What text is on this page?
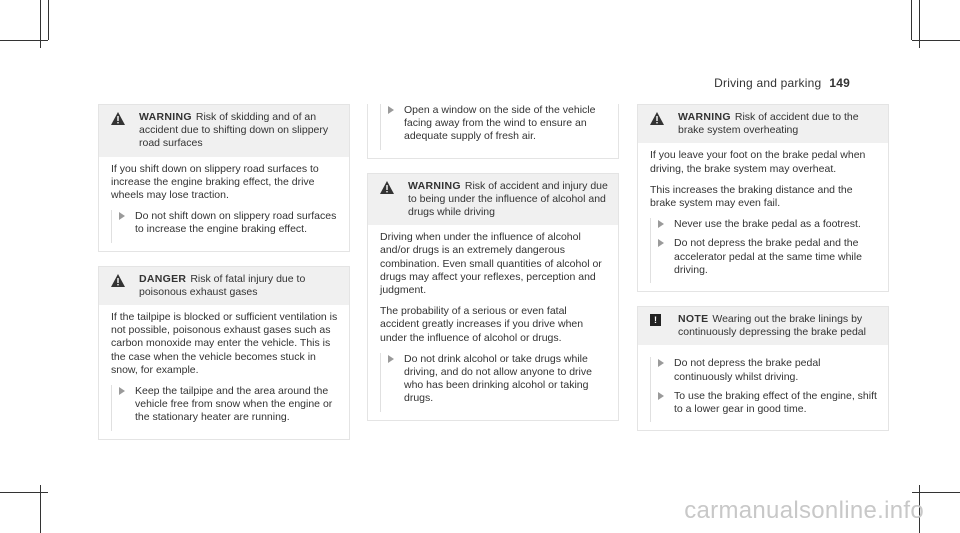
Driving and parking 149
WARNING Risk of skidding and of an accident due to shifting down on slippery road surfaces

If you shift down on slippery road surfaces to increase the engine braking effect, the drive wheels may lose traction.

Do not shift down on slippery road surfaces to increase the engine braking effect.
DANGER Risk of fatal injury due to poisonous exhaust gases

If the tailpipe is blocked or sufficient ventilation is not possible, poisonous exhaust gases such as carbon monoxide may enter the vehicle. This is the case when the vehicle becomes stuck in snow, for example.

Keep the tailpipe and the area around the vehicle free from snow when the engine or the stationary heater are running.
Open a window on the side of the vehicle facing away from the wind to ensure an adequate supply of fresh air.
WARNING Risk of accident and injury due to being under the influence of alcohol and drugs while driving

Driving when under the influence of alcohol and/or drugs is an extremely dangerous combination. Even small quantities of alcohol or drugs may affect your reflexes, perception and judgment.

The probability of a serious or even fatal accident greatly increases if you drive when under the influence of alcohol or drugs.

Do not drink alcohol or take drugs while driving, and do not allow anyone to drive who has been drinking alcohol or taking drugs.
WARNING Risk of accident due to the brake system overheating

If you leave your foot on the brake pedal when driving, the brake system may overheat.

This increases the braking distance and the brake system may even fail.

Never use the brake pedal as a footrest.
Do not depress the brake pedal and the accelerator pedal at the same time while driving.
!	NOTE Wearing out the brake linings by continuously depressing the brake pedal
Do not depress the brake pedal continuously whilst driving.
To use the braking effect of the engine, shift to a lower gear in good time.
carmanualsonline.info
